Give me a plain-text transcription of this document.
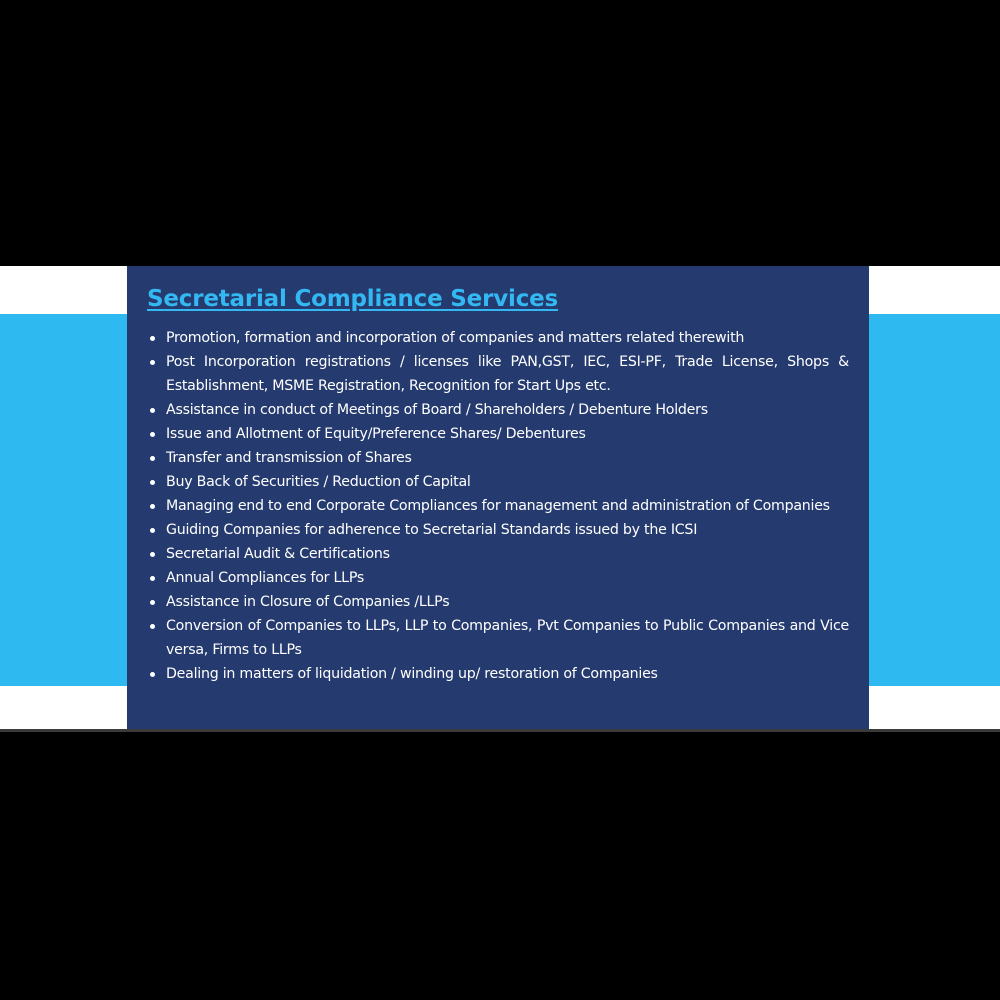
Secretarial Compliance Services
Promotion, formation and incorporation of companies and matters related therewith
Post Incorporation registrations / licenses like PAN,GST, IEC, ESI-PF, Trade License, Shops & Establishment, MSME Registration, Recognition for Start Ups etc.
Assistance in conduct of Meetings of Board / Shareholders / Debenture Holders
Issue and Allotment of Equity/Preference Shares/ Debentures
Transfer and transmission of Shares
Buy Back of Securities / Reduction of Capital
Managing end to end Corporate Compliances for management and administration of Companies
Guiding Companies for adherence to Secretarial Standards issued by the ICSI
Secretarial Audit & Certifications
Annual Compliances for LLPs
Assistance in Closure of Companies /LLPs
Conversion of Companies to LLPs, LLP to Companies, Pvt Companies to Public Companies and Vice versa, Firms to LLPs
Dealing in matters of liquidation / winding up/ restoration of Companies
